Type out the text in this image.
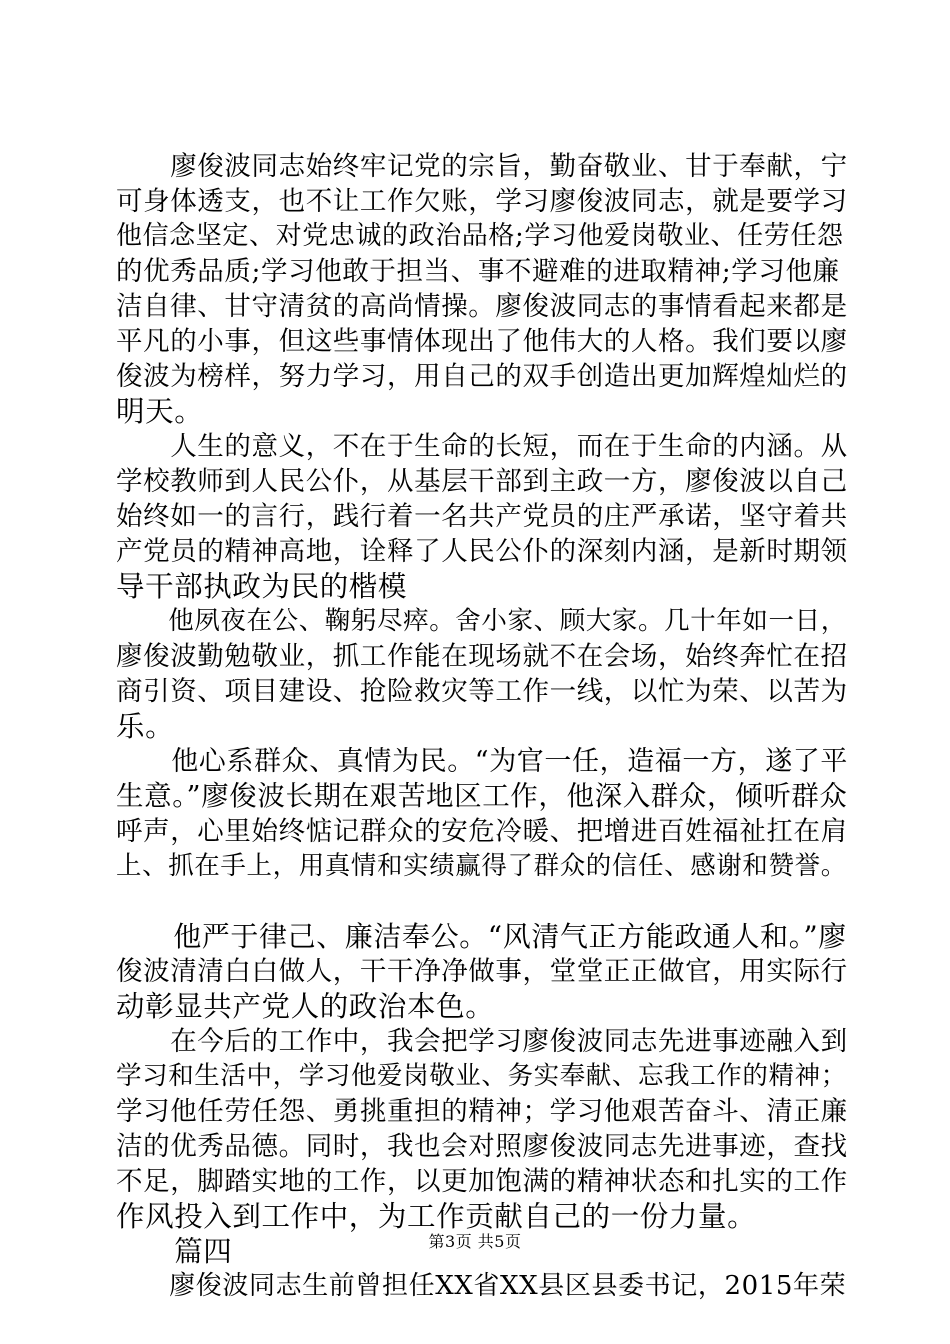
　　廖俊波同志始终牢记党的宗旨，勤奋敬业、甘于奉献，宁
可身体透支，也不让工作欠账，学习廖俊波同志，就是要学习
他信念坚定、对党忠诚的政治品格;学习他爱岗敬业、任劳任怨
的优秀品质;学习他敢于担当、事不避难的进取精神;学习他廉
洁自律、甘守清贫的高尚情操。廖俊波同志的事情看起来都是
平凡的小事，但这些事情体现出了他伟大的人格。我们要以廖
俊波为榜样，努力学习，用自己的双手创造出更加辉煌灿烂的
明天。
　　人生的意义，不在于生命的长短，而在于生命的内涵。从
学校教师到人民公仆，从基层干部到主政一方，廖俊波以自己
始终如一的言行，践行着一名共产党员的庄严承诺，坚守着共
产党员的精神高地，诠释了人民公仆的深刻内涵，是新时期领
导干部执政为民的楷模
　　他夙夜在公、鞠躬尽瘁。舍小家、顾大家。几十年如一日，
廖俊波勤勉敬业，抓工作能在现场就不在会场，始终奔忙在招
商引资、项目建设、抢险救灾等工作一线，以忙为荣、以苦为
乐。
　　他心系群众、真情为民。“为官一任，造福一方，遂了平
生意。”廖俊波长期在艰苦地区工作，他深入群众，倾听群众
呼声，心里始终惦记群众的安危冷暖、把增进百姓福祉扛在肩
上、抓在手上，用真情和实绩赢得了群众的信任、感谢和赞誉。
　　他严于律己、廉洁奉公。“风清气正方能政通人和。”廖
俊波清清白白做人，干干净净做事，堂堂正正做官，用实际行
动彰显共产党人的政治本色。
　　在今后的工作中，我会把学习廖俊波同志先进事迹融入到
学习和生活中，学习他爱岗敬业、务实奉献、忘我工作的精神；
学习他任劳任怨、勇挑重担的精神；学习他艰苦奋斗、清正廉
洁的优秀品德。同时，我也会对照廖俊波同志先进事迹，查找
不足，脚踏实地的工作，以更加饱满的精神状态和扎实的工作
作风投入到工作中，为工作贡献自己的一份力量。
　　篇四
　　廖俊波同志生前曾担任XX省XX县区县委书记，2015年荣
第3页 共5页
